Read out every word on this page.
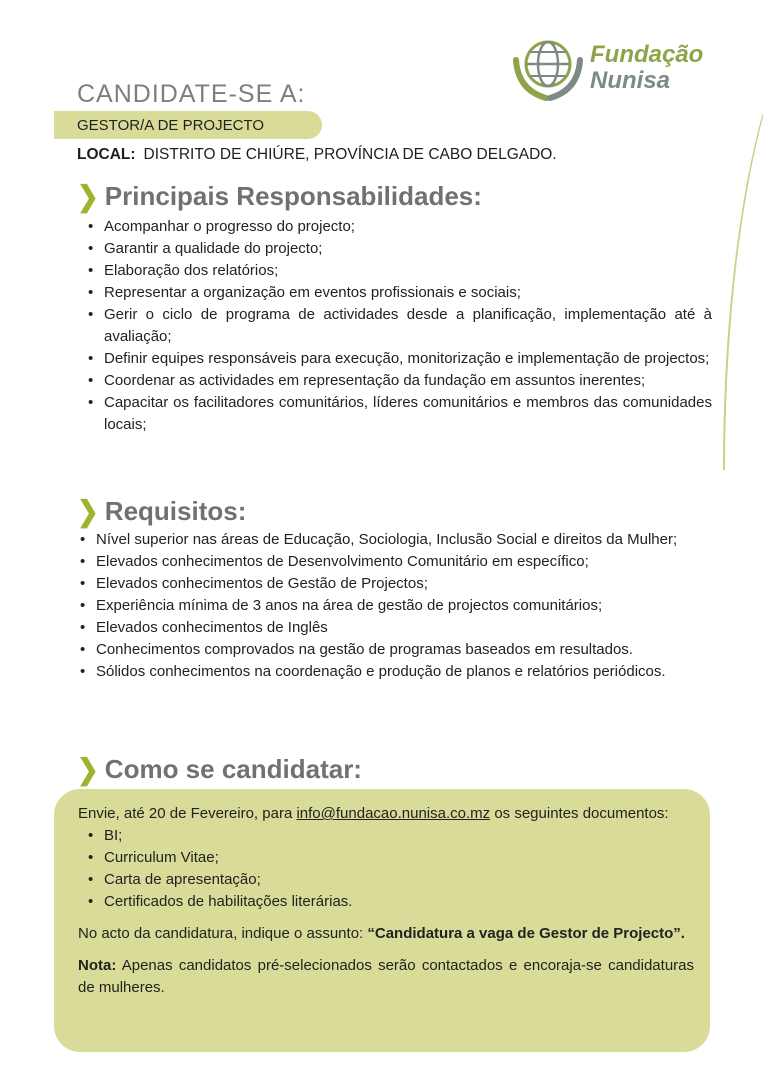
Fundação
Nunisa
CANDIDATE-SE A:
GESTOR/A DE PROJECTO
LOCAL: DISTRITO DE CHIÚRE, PROVÍNCIA DE CABO DELGADO.
❯ Principais Responsabilidades:
• Acompanhar o progresso do projecto;
• Garantir a qualidade do projecto;
• Elaboração dos relatórios;
• Representar a organização em eventos profissionais e sociais;
• Gerir o ciclo de programa de actividades desde a planificação, implementação até à avaliação;
• Definir equipes responsáveis para execução, monitorização e implementação de projectos;
• Coordenar as actividades em representação da fundação em assuntos inerentes;
• Capacitar os facilitadores comunitários, líderes comunitários e membros das comunidades locais;
❯ Requisitos:
• Nível superior nas áreas de Educação, Sociologia, Inclusão Social e direitos da Mulher;
• Elevados conhecimentos de Desenvolvimento Comunitário em específico;
• Elevados conhecimentos de Gestão de Projectos;
• Experiência mínima de 3 anos na área de gestão de projectos comunitários;
• Elevados conhecimentos de Inglês
• Conhecimentos comprovados na gestão de programas baseados em resultados.
• Sólidos conhecimentos na coordenação e produção de planos e relatórios periódicos.
❯ Como se candidatar:

Envie, até 20 de Fevereiro, para info@fundacao.nunisa.co.mz os seguintes documentos:

• BI;
• Curriculum Vitae;
• Carta de apresentação;
• Certificados de habilitações literárias.

No acto da candidatura, indique o assunto: “Candidatura a vaga de Gestor de Projecto”.

Nota: Apenas candidatos pré-selecionados serão contactados e encoraja-se candidaturas de mulheres.
